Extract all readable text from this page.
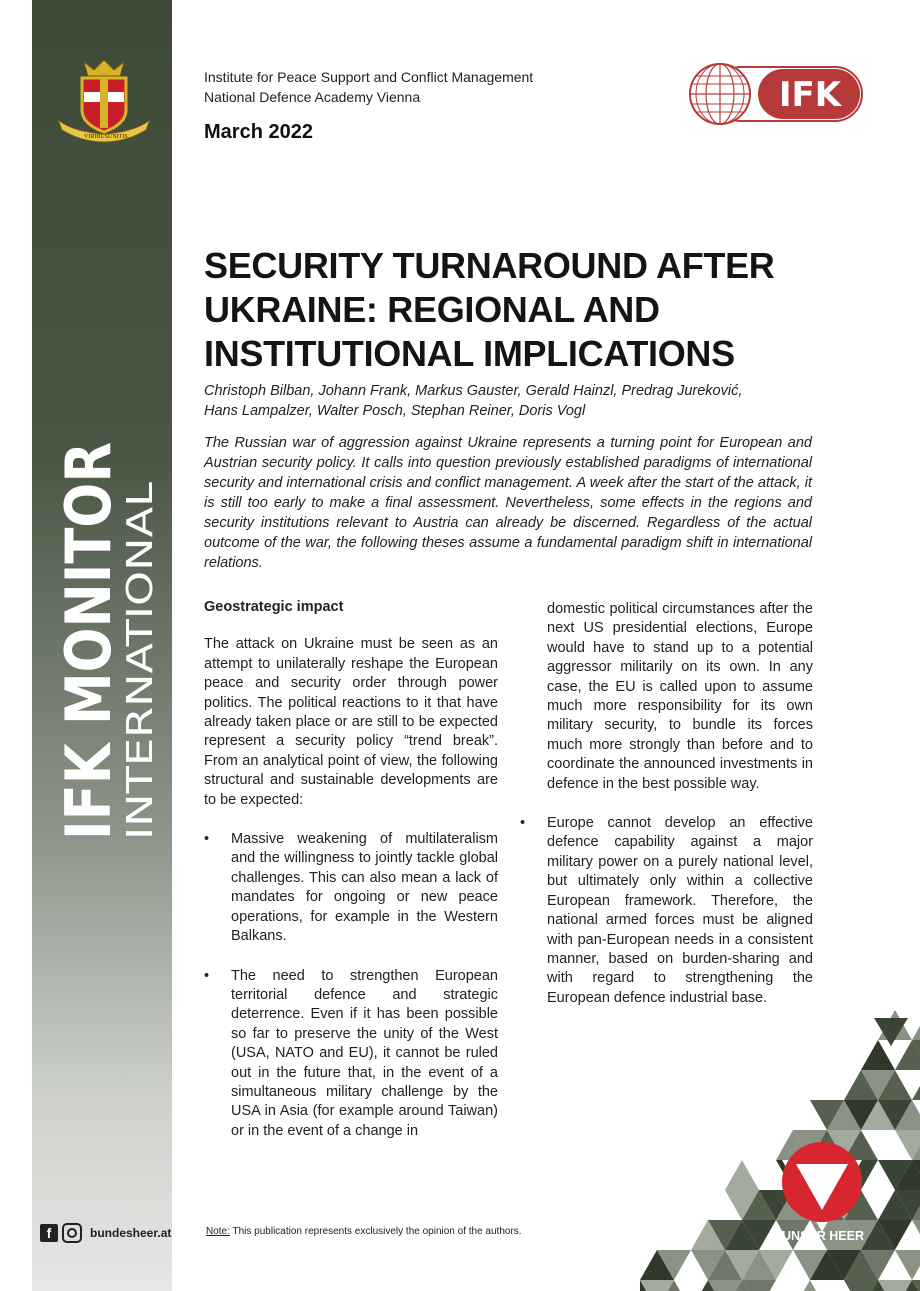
VIRIBUS UNITIS
IFK MONITOR
INTERNATIONAL
f	bundesheer.at
Institute for Peace Support and Conflict Management
National Defence Academy Vienna
March 2022
IFK
SECURITY TURNAROUND AFTER
UKRAINE: REGIONAL AND
INSTITUTIONAL IMPLICATIONS
Christoph Bilban, Johann Frank, Markus Gauster, Gerald Hainzl, Predrag Jureković,
Hans Lampalzer, Walter Posch, Stephan Reiner, Doris Vogl
The Russian war of aggression against Ukraine represents a turning point for European and Austrian security policy. It calls into question previously established paradigms of international security and international crisis and conflict management. A week after the start of the attack, it is still too early to make a final assessment. Nevertheless, some effects in the regions and security institutions relevant to Austria can already be discerned. Regardless of the actual outcome of the war, the following theses assume a fundamental paradigm shift in international relations.
Geostrategic impact

The attack on Ukraine must be seen as an attempt to unilaterally reshape the European peace and security order through power politics. The political reactions to it that have already taken place or are still to be expected represent a security policy “trend break”. From an analytical point of view, the following structural and sustainable developments are to be expected:

• Massive weakening of multilateralism and the willingness to jointly tackle global challenges. This can also mean a lack of mandates for ongoing or new peace operations, for example in the Western Balkans.
• The need to strengthen European territorial defence and strategic deterrence. Even if it has been possible so far to preserve the unity of the West (USA, NATO and EU), it cannot be ruled out in the future that, in the event of a simultaneous military challenge by the USA in Asia (for example around Taiwan) or in the event of a change in

domestic political circumstances after the next US presidential elections, Europe would have to stand up to a potential aggressor militarily on its own. In any case, the EU is called upon to assume much more responsibility for its own military security, to bundle its forces much more strongly than before and to coordinate the announced investments in defence in the best possible way.

• Europe cannot develop an effective defence capability against a major military power on a purely national level, but ultimately only within a collective European framework. Therefore, the national armed forces must be aligned with pan-European needs in a consistent manner, based on burden-sharing and with regard to strengthening the European defence industrial base.
Note: This publication represents exclusively the opinion of the authors.	UNSER HEER
